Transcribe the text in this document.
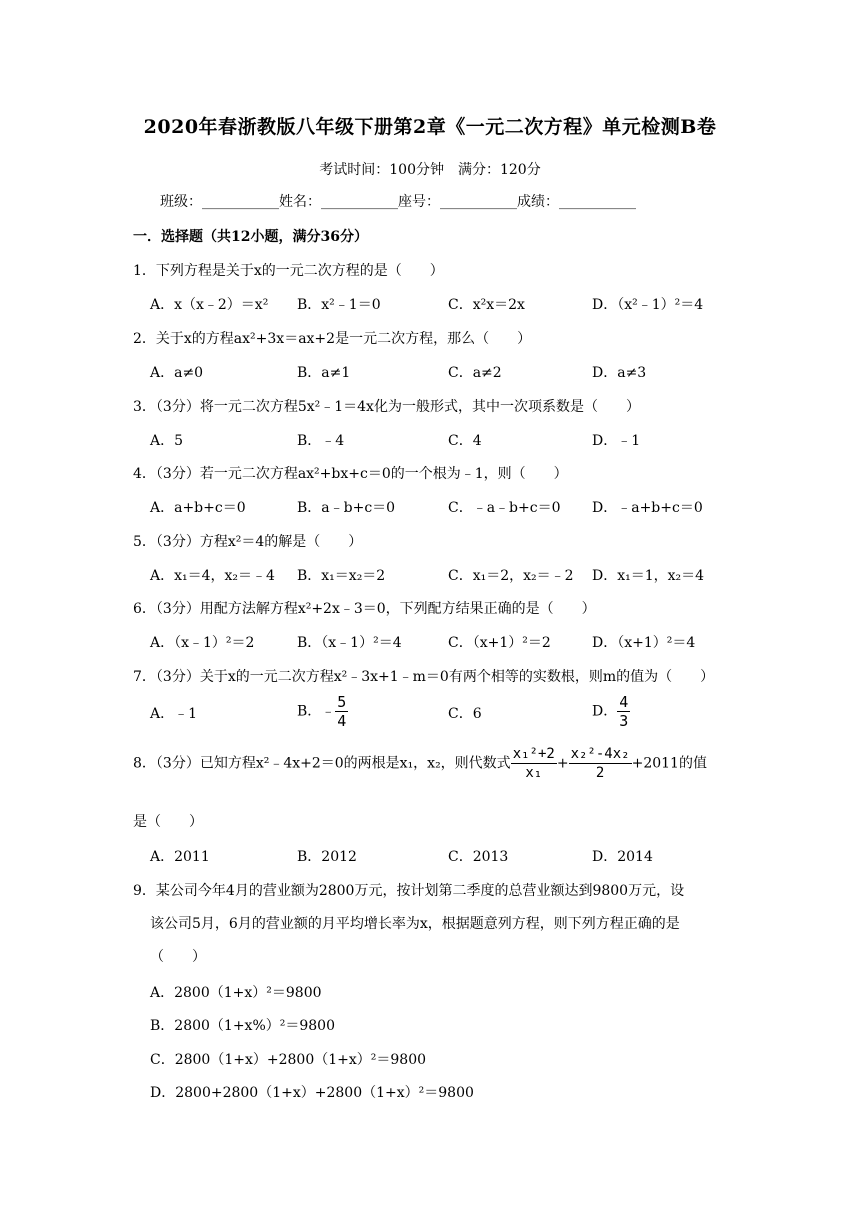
2020年春浙教版八年级下册第2章《一元二次方程》单元检测B卷
考试时间：100分钟　满分：120分
班级：___________姓名：___________座号：___________成绩：___________
一．选择题（共12小题，满分36分）
1．下列方程是关于x的一元二次方程的是（　　）
A．x（x﹣2）＝x² B．x²﹣1＝0	C．x²x＝2x	D．（x²﹣1）²＝4
2．关于x的方程ax²+3x＝ax+2是一元二次方程，那么（　　）
A．a≠0	B．a≠1	C．a≠2	D．a≠3
3．（3分）将一元二次方程5x²﹣1＝4x化为一般形式，其中一次项系数是（　　）
A．5	B．﹣4	C．4	D．﹣1
4．（3分）若一元二次方程ax²+bx+c＝0的一个根为﹣1，则（　　）
A．a+b+c＝0	B．a﹣b+c＝0	C．﹣a﹣b+c＝0 D．﹣a+b+c＝0
5．（3分）方程x²＝4的解是（　　）
A．x₁＝4，x₂＝﹣4 B．x₁＝x₂＝2	C．x₁＝2，x₂＝﹣2 D．x₁＝1，x₂＝4
6．（3分）用配方法解方程x²+2x﹣3＝0，下列配方结果正确的是（　　）
A．（x﹣1）²＝2	B．（x﹣1）²＝4	C．（x+1）²＝2	D．（x+1）²＝4
7．（3分）关于x的一元二次方程x²﹣3x+1﹣m＝0有两个相等的实数根，则m的值为（　　）
A．﹣1	B．﹣ $\frac{5}{4}$	C．6	D． $\frac{4}{3}$
8．（3分）已知方程x²﹣4x+2＝0的两根是x₁，x₂，则代数式 $\frac{\text{x₁²+2}}{\text{x₁}} + \frac{\text{x₂²-4x₂}}{2} +2011$的值
是（　　）
A．2011	B．2012	C．2013	D．2014
9．某公司今年4月的营业额为2800万元，按计划第二季度的总营业额达到9800万元，设
该公司5月，6月的营业额的月平均增长率为x，根据题意列方程，则下列方程正确的是
（　　）
A．2800（1+x）²＝9800
B．2800（1+x%）²＝9800
C．2800（1+x）+2800（1+x）²＝9800
D．2800+2800（1+x）+2800（1+x）²＝9800
